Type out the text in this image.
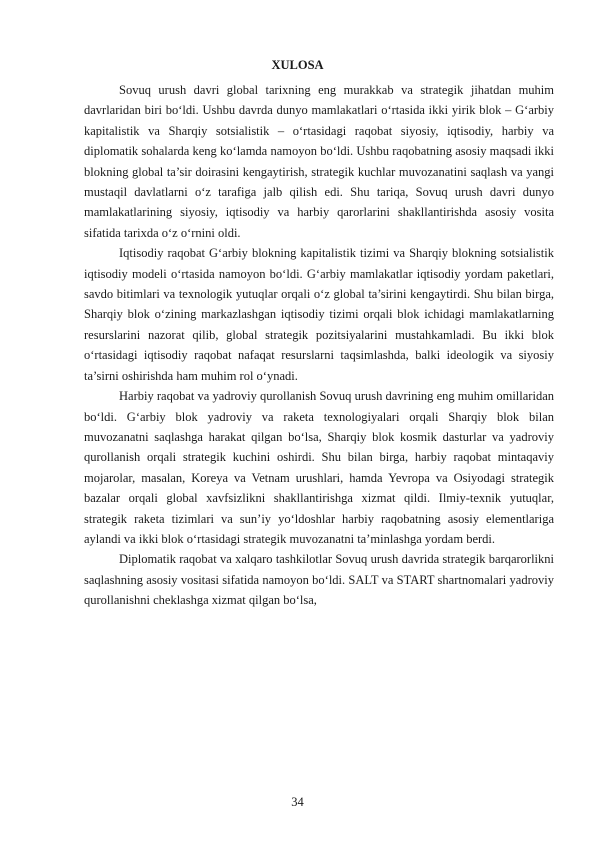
XULOSA

Sovuq urush davri global tarixning eng murakkab va strategik jihatdan muhim davrlaridan biri bo‘ldi. Ushbu davrda dunyo mamlakatlari o‘rtasida ikki yirik blok – G‘arbiy kapitalistik va Sharqiy sotsialistik – o‘rtasidagi raqobat siyosiy, iqtisodiy, harbiy va diplomatik sohalarda keng ko‘lamda namoyon bo‘ldi. Ushbu raqobatning asosiy maqsadi ikki blokning global ta’sir doirasini kengaytirish, strategik kuchlar muvozanatini saqlash va yangi mustaqil davlatlarni o‘z tarafiga jalb qilish edi. Shu tariqa, Sovuq urush davri dunyo mamlakatlarining siyosiy, iqtisodiy va harbiy qarorlarini shakllantirishda asosiy vosita sifatida tarixda o‘z o‘rnini oldi.

Iqtisodiy raqobat G‘arbiy blokning kapitalistik tizimi va Sharqiy blokning sotsialistik iqtisodiy modeli o‘rtasida namoyon bo‘ldi. G‘arbiy mamlakatlar iqtisodiy yordam paketlari, savdo bitimlari va texnologik yutuqlar orqali o‘z global ta’sirini kengaytirdi. Shu bilan birga, Sharqiy blok o‘zining markazlashgan iqtisodiy tizimi orqali blok ichidagi mamlakatlarning resurslarini nazorat qilib, global strategik pozitsiyalarini mustahkamladi. Bu ikki blok o‘rtasidagi iqtisodiy raqobat nafaqat resurslarni taqsimlashda, balki ideologik va siyosiy ta’sirni oshirishda ham muhim rol o‘ynadi.

Harbiy raqobat va yadroviy qurollanish Sovuq urush davrining eng muhim omillaridan bo‘ldi. G‘arbiy blok yadroviy va raketa texnologiyalari orqali Sharqiy blok bilan muvozanatni saqlashga harakat qilgan bo‘lsa, Sharqiy blok kosmik dasturlar va yadroviy qurollanish orqali strategik kuchini oshirdi. Shu bilan birga, harbiy raqobat mintaqaviy mojarolar, masalan, Koreya va Vetnam urushlari, hamda Yevropa va Osiyodagi strategik bazalar orqali global xavfsizlikni shakllantirishga xizmat qildi. Ilmiy-texnik yutuqlar, strategik raketa tizimlari va sun’iy yo‘ldoshlar harbiy raqobatning asosiy elementlariga aylandi va ikki blok o‘rtasidagi strategik muvozanatni ta’minlashga yordam berdi.

Diplomatik raqobat va xalqaro tashkilotlar Sovuq urush davrida strategik barqarorlikni saqlashning asosiy vositasi sifatida namoyon bo‘ldi. SALT va START shartnomalari yadroviy qurollanishni cheklashga xizmat qilgan bo‘lsa,

34
